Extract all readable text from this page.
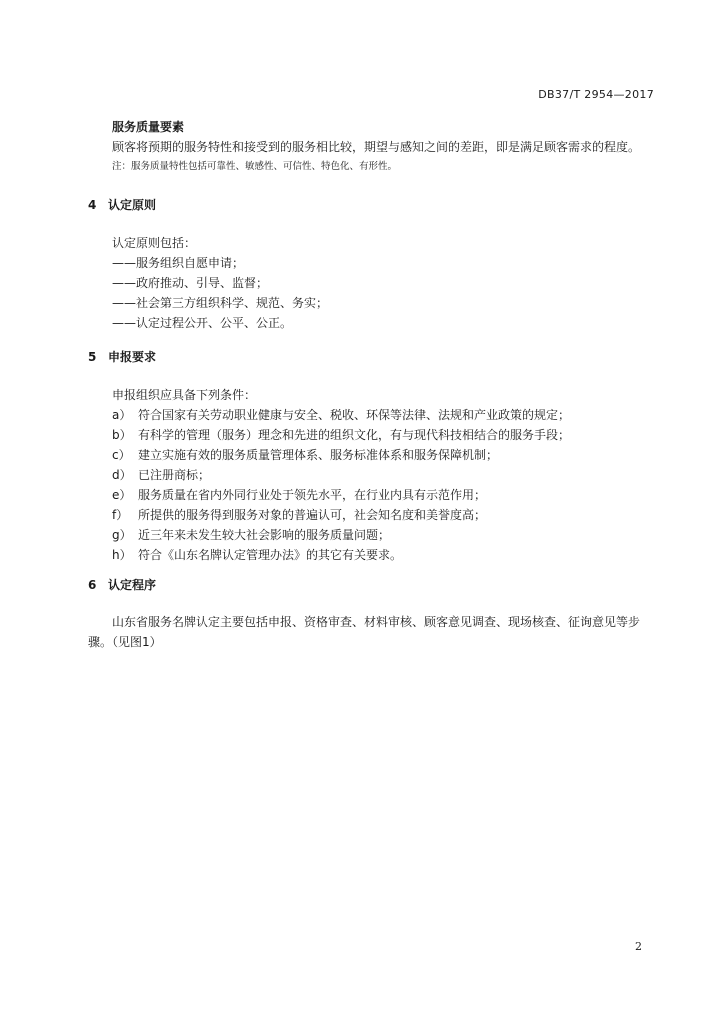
DB37/T 2954—2017
服务质量要素
顾客将预期的服务特性和接受到的服务相比较，期望与感知之间的差距，即是满足顾客需求的程度。
注：服务质量特性包括可靠性、敏感性、可信性、特色化、有形性。
4 认定原则
认定原则包括：
——服务组织自愿申请；
——政府推动、引导、监督；
——社会第三方组织科学、规范、务实；
——认定过程公开、公平、公正。
5 申报要求
申报组织应具备下列条件：
a） 符合国家有关劳动职业健康与安全、税收、环保等法律、法规和产业政策的规定；
b） 有科学的管理（服务）理念和先进的组织文化，有与现代科技相结合的服务手段；
c） 建立实施有效的服务质量管理体系、服务标准体系和服务保障机制；
d） 已注册商标；
e） 服务质量在省内外同行业处于领先水平，在行业内具有示范作用；
f） 所提供的服务得到服务对象的普遍认可，社会知名度和美誉度高；
g） 近三年来未发生较大社会影响的服务质量问题；
h） 符合《山东名牌认定管理办法》的其它有关要求。
6 认定程序
山东省服务名牌认定主要包括申报、资格审查、材料审核、顾客意见调查、现场核查、征询意见等步骤。（见图1）
2
